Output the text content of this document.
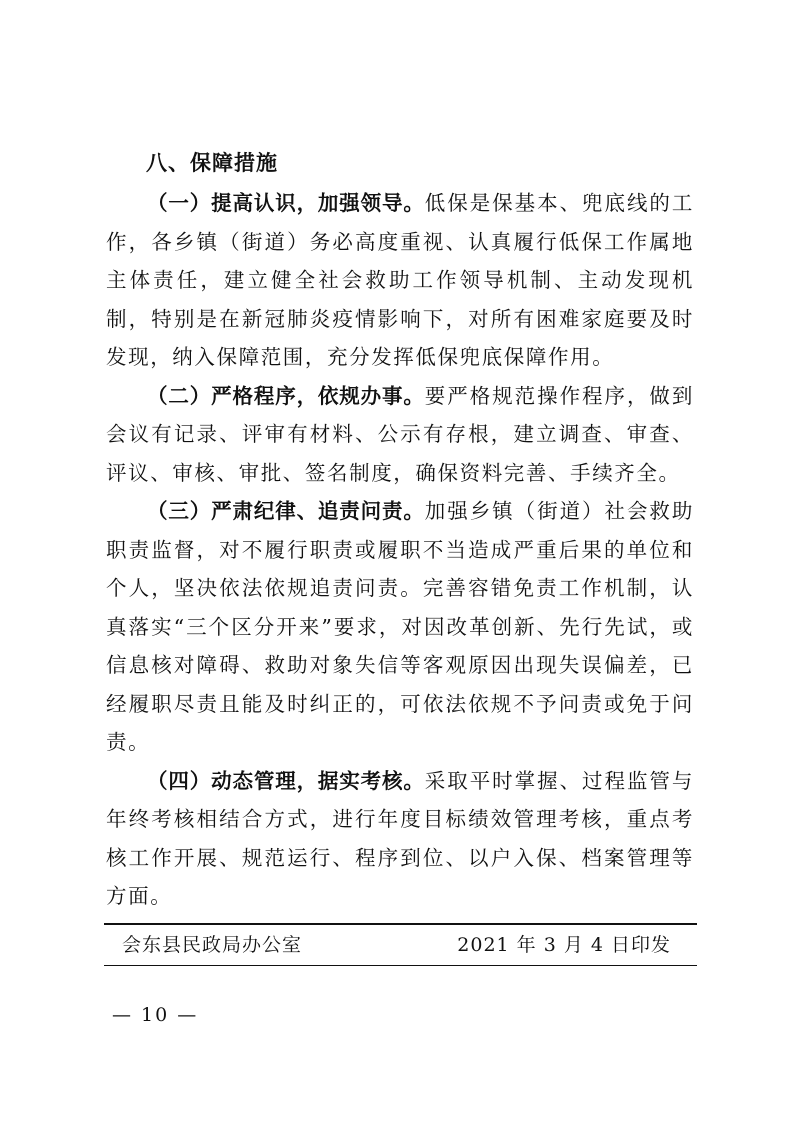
八、保障措施

（一）提高认识，加强领导。低保是保基本、兜底线的工作，各乡镇（街道）务必高度重视、认真履行低保工作属地主体责任，建立健全社会救助工作领导机制、主动发现机制，特别是在新冠肺炎疫情影响下，对所有困难家庭要及时发现，纳入保障范围，充分发挥低保兜底保障作用。

（二）严格程序，依规办事。要严格规范操作程序，做到会议有记录、评审有材料、公示有存根，建立调查、审查、评议、审核、审批、签名制度，确保资料完善、手续齐全。

（三）严肃纪律、追责问责。加强乡镇（街道）社会救助职责监督，对不履行职责或履职不当造成严重后果的单位和个人，坚决依法依规追责问责。完善容错免责工作机制，认真落实“三个区分开来”要求，对因改革创新、先行先试，或信息核对障碍、救助对象失信等客观原因出现失误偏差，已经履职尽责且能及时纠正的，可依法依规不予问责或免于问责。

（四）动态管理，据实考核。采取平时掌握、过程监管与年终考核相结合方式，进行年度目标绩效管理考核，重点考核工作开展、规范运行、程序到位、以户入保、档案管理等方面。

会东县民政局办公室	2021 年 3 月 4 日印发
— 10 —
